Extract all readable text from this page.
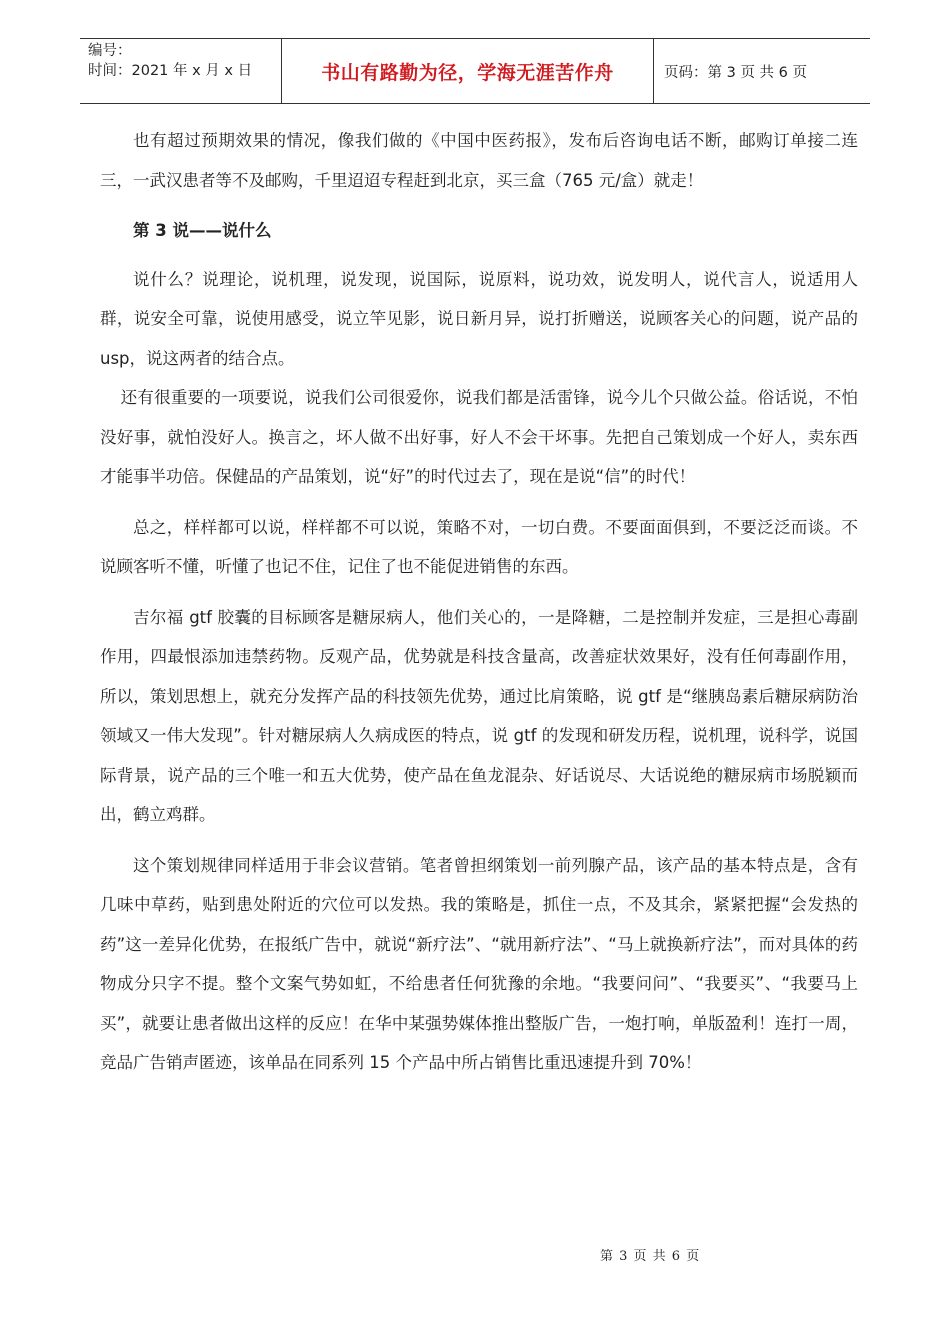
编号：
时间：2021 年 x 月 x 日	书山有路勤为径，学海无涯苦作舟	页码：第 3 页 共 6 页

也有超过预期效果的情况，像我们做的《中国中医药报》，发布后咨询电话不断，邮购订单接二连三，一武汉患者等不及邮购，千里迢迢专程赶到北京，买三盒（765 元/盒）就走！

第 3 说——说什么

说什么？说理论，说机理，说发现，说国际，说原料，说功效，说发明人，说代言人，说适用人群，说安全可靠，说使用感受，说立竿见影，说日新月异，说打折赠送，说顾客关心的问题，说产品的 usp，说这两者的结合点。

还有很重要的一项要说，说我们公司很爱你，说我们都是活雷锋，说今儿个只做公益。俗话说，不怕没好事，就怕没好人。换言之，坏人做不出好事，好人不会干坏事。先把自己策划成一个好人，卖东西才能事半功倍。保健品的产品策划，说“好”的时代过去了，现在是说“信”的时代！

总之，样样都可以说，样样都不可以说，策略不对，一切白费。不要面面俱到，不要泛泛而谈。不说顾客听不懂，听懂了也记不住，记住了也不能促进销售的东西。

吉尔福 gtf 胶囊的目标顾客是糖尿病人，他们关心的，一是降糖，二是控制并发症，三是担心毒副作用，四最恨添加违禁药物。反观产品，优势就是科技含量高，改善症状效果好，没有任何毒副作用，所以，策划思想上，就充分发挥产品的科技领先优势，通过比肩策略，说 gtf 是“继胰岛素后糖尿病防治领域又一伟大发现”。针对糖尿病人久病成医的特点，说 gtf 的发现和研发历程，说机理，说科学，说国际背景，说产品的三个唯一和五大优势，使产品在鱼龙混杂、好话说尽、大话说绝的糖尿病市场脱颖而出，鹤立鸡群。

这个策划规律同样适用于非会议营销。笔者曾担纲策划一前列腺产品，该产品的基本特点是，含有几味中草药，贴到患处附近的穴位可以发热。我的策略是，抓住一点，不及其余，紧紧把握“会发热的药”这一差异化优势，在报纸广告中，就说“新疗法”、“就用新疗法”、“马上就换新疗法”，而对具体的药物成分只字不提。整个文案气势如虹，不给患者任何犹豫的余地。“我要问问”、“我要买”、“我要马上买”，就要让患者做出这样的反应！在华中某强势媒体推出整版广告，一炮打响，单版盈利！连打一周，竞品广告销声匿迹，该单品在同系列 15 个产品中所占销售比重迅速提升到 70%！

第 3 页 共 6 页
